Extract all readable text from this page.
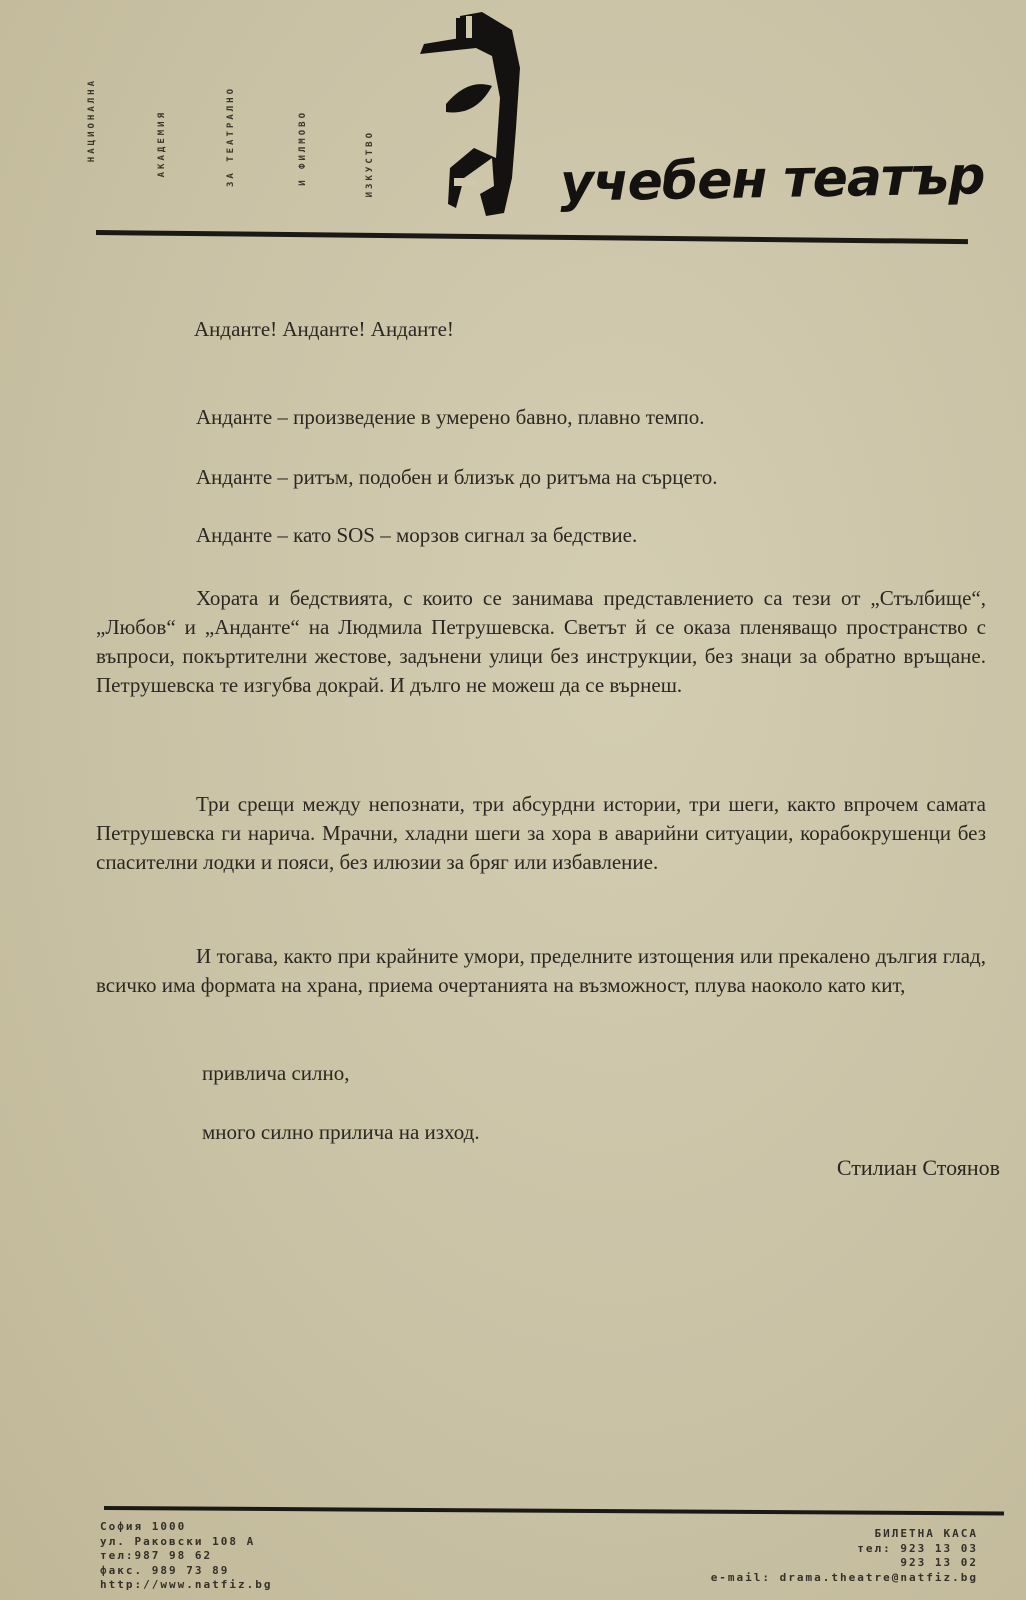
НАЦИОНАЛНА	АКАДЕМИЯ	ЗА ТЕАТРАЛНО	И ФИЛМОВО	ИЗКУСТВО	учебен театър
Анданте! Анданте! Анданте!
Анданте – произведение в умерено бавно, плавно темпо.
Анданте – ритъм, подобен и близък до ритъма на сърцето.
Анданте – като SOS – морзов сигнал за бедствие.
Хората и бедствията, с които се занимава представлението са тези от „Стълбище“, „Любов“ и „Анданте“ на Людмила Петрушевска. Светът й се оказа пленяващо пространство с въпроси, покъртителни жестове, задънени улици без инструкции, без знаци за обратно връщане. Петрушевска те изгубва докрай. И дълго не можеш да се върнеш.
Три срещи между непознати, три абсурдни истории, три шеги, както впрочем самата Петрушевска ги нарича. Мрачни, хладни шеги за хора в аварийни ситуации, корабокрушенци без спасителни лодки и пояси, без илюзии за бряг или избавление.
И тогава, както при крайните умори, пределните изтощения или прекалено дългия глад, всичко има формата на храна, приема очертанията на възможност, плува наоколо като кит,
привлича силно,
много силно прилича на изход.
Стилиан Стоянов
София 1000
ул. Раковски 108 А
тел:987 98 62
факс. 989 73 89
http://www.natfiz.bg
БИЛЕТНА КАСА
тел: 923 13 03
923 13 02
e-mail: drama.theatre@natfiz.bg
